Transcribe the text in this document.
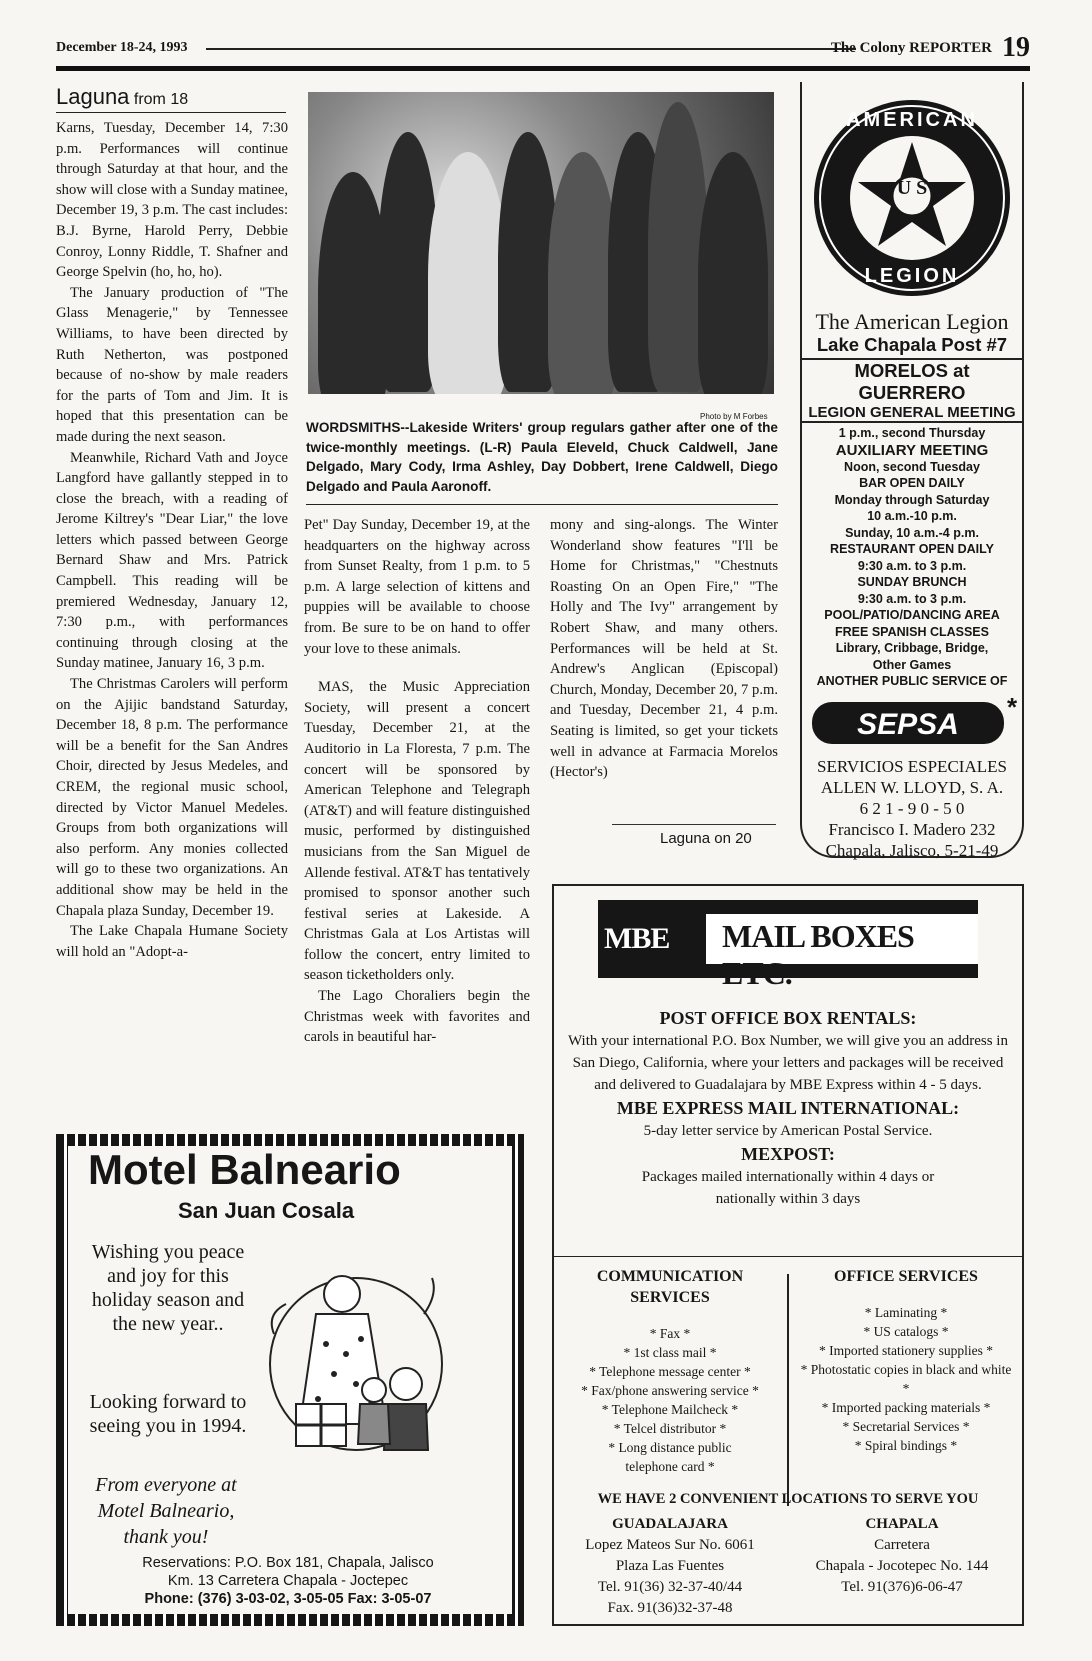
December 18-24, 1993	The Colony REPORTER 19
Laguna from 18

Karns, Tuesday, December 14, 7:30 p.m. Performances will continue through Saturday at that hour, and the show will close with a Sunday matinee, December 19, 3 p.m. The cast includes: B.J. Byrne, Harold Perry, Debbie Conroy, Lonny Riddle, T. Shafner and George Spelvin (ho, ho, ho).

The January production of "The Glass Menagerie," by Tennessee Williams, to have been directed by Ruth Netherton, was postponed because of no-show by male readers for the parts of Tom and Jim. It is hoped that this presentation can be made during the next season.

Meanwhile, Richard Vath and Joyce Langford have gallantly stepped in to close the breach, with a reading of Jerome Kiltrey's "Dear Liar," the love letters which passed between George Bernard Shaw and Mrs. Patrick Campbell. This reading will be premiered Wednesday, January 12, 7:30 p.m., with performances continuing through closing at the Sunday matinee, January 16, 3 p.m.

The Christmas Carolers will perform on the Ajijic bandstand Saturday, December 18, 8 p.m. The performance will be a benefit for the San Andres Choir, directed by Jesus Medeles, and CREM, the regional music school, directed by Victor Manuel Medeles. Groups from both organizations will also perform. Any monies collected will go to these two organizations. An additional show may be held in the Chapala plaza Sunday, December 19.

The Lake Chapala Humane Society will hold an "Adopt-a-

Photo by M Forbes
WORDSMITHS--Lakeside Writers' group regulars gather after one of the twice-monthly meetings. (L-R) Paula Eleveld, Chuck Caldwell, Jane Delgado, Mary Cody, Irma Ashley, Day Dobbert, Irene Caldwell, Diego Delgado and Paula Aaronoff.

Pet" Day Sunday, December 19, at the headquarters on the highway across from Sunset Realty, from 1 p.m. to 5 p.m. A large selection of kittens and puppies will be available to choose from. Be sure to be on hand to offer your love to these animals.

MAS, the Music Appreciation Society, will present a concert Tuesday, December 21, at the Auditorio in La Floresta, 7 p.m. The concert will be sponsored by American Telephone and Telegraph (AT&T) and will feature distinguished music, performed by distinguished musicians from the San Miguel de Allende festival. AT&T has tentatively promised to sponsor another such festival series at Lakeside. A Christmas Gala at Los Artistas will follow the concert, entry limited to season ticketholders only.

The Lago Choraliers begin the Christmas week with favorites and carols in beautiful har-

mony and sing-alongs. The Winter Wonderland show features "I'll be Home for Christmas," "Chestnuts Roasting On an Open Fire," "The Holly and The Ivy" arrangement by Robert Shaw, and many others. Performances will be held at St. Andrew's Anglican (Episcopal) Church, Monday, December 20, 7 p.m. and Tuesday, December 21, 4 p.m. Seating is limited, so get your tickets well in advance at Farmacia Morelos (Hector's)

Laguna on 20
U S
AMERICAN
LEGION
The American Legion
Lake Chapala Post #7
MORELOS at GUERRERO
LEGION GENERAL MEETING
1 p.m., second Thursday
AUXILIARY MEETING
Noon, second Tuesday
BAR OPEN DAILY
Monday through Saturday
10 a.m.-10 p.m.
Sunday, 10 a.m.-4 p.m.
RESTAURANT OPEN DAILY
9:30 a.m. to 3 p.m.
SUNDAY BRUNCH
9:30 a.m. to 3 p.m.
POOL/PATIO/DANCING AREA
FREE SPANISH CLASSES
Library, Cribbage, Bridge,
Other Games
ANOTHER PUBLIC SERVICE OF
SEPSA
*
SERVICIOS ESPECIALES
ALLEN W. LLOYD, S. A.
6 2 1 - 9 0 - 5 0
Francisco I. Madero 232
Chapala, Jalisco, 5-21-49
MBE MAIL BOXES ETC.
POST OFFICE BOX RENTALS:
With your international P.O. Box Number, we will give you an address in San Diego, California, where your letters and packages will be received and delivered to Guadalajara by MBE Express within 4 - 5 days.
MBE EXPRESS MAIL INTERNATIONAL:
5-day letter service by American Postal Service.
MEXPOST:
Packages mailed internationally within 4 days or nationally within 3 days
COMMUNICATION SERVICES
* Fax *
* 1st class mail *
* Telephone message center *
* Fax/phone answering service *
* Telephone Mailcheck *
* Telcel distributor *
* Long distance public telephone card *
OFFICE SERVICES
* Laminating *
* US catalogs *
* Imported stationery supplies *
* Photostatic copies in black and white *
* Imported packing materials *
* Secretarial Services *
* Spiral bindings *
WE HAVE 2 CONVENIENT LOCATIONS TO SERVE YOU
GUADALAJARA
Lopez Mateos Sur No. 6061
Plaza Las Fuentes
Tel. 91(36) 32-37-40/44
Fax. 91(36)32-37-48
CHAPALA
Carretera
Chapala - Jocotepec No. 144
Tel. 91(376)6-06-47
Motel Balneario
San Juan Cosala
Wishing you peace and joy for this holiday season and the new year..
Looking forward to seeing you in 1994.
From everyone at Motel Balneario, thank you!
Reservations: P.O. Box 181, Chapala, Jalisco
Km. 13 Carretera Chapala - Joctepec
Phone: (376) 3-03-02, 3-05-05 Fax: 3-05-07
